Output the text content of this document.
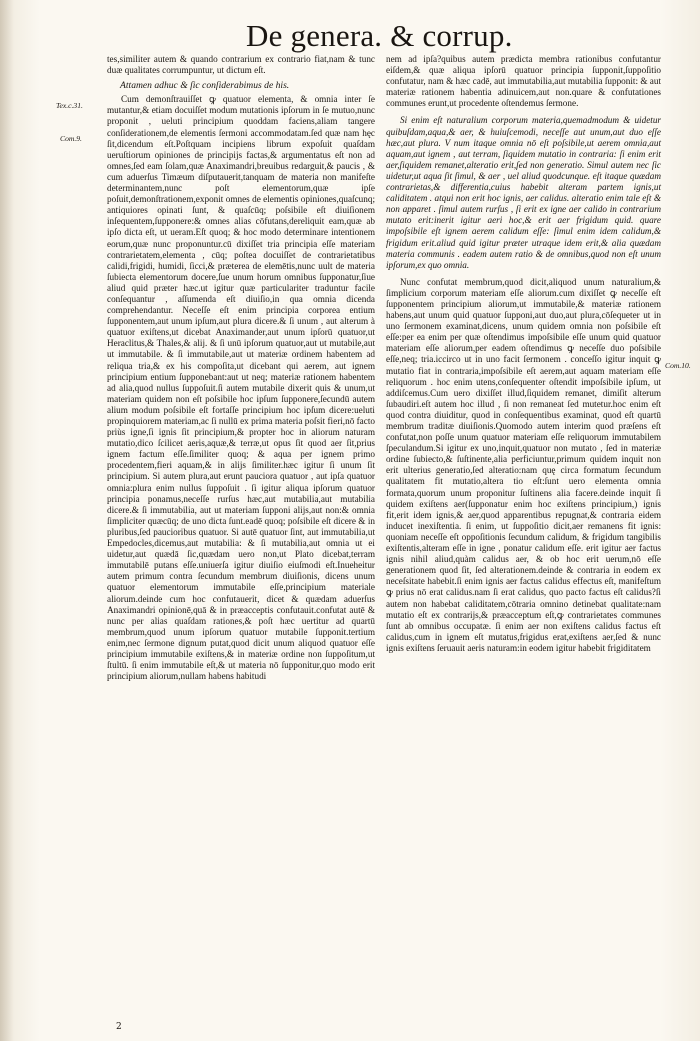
De genera. & corrup.
Tex.c.31.
Com.9.
Com.10.

tes,similiter autem & quando contrarium ex contrario fiat,nam & tunc duæ qualitates corrumpuntur, ut dictum eſt.

Attamen adhuc & ſic conſiderabimus de his.

Cum demonſtrauiſſet ꝙ quatuor elementa, & omnia inter ſe mutantur,& etiam docuiſſet modum mutationis ipſorum in ſe mutuo,nunc proponit , ueluti principium quoddam faciens,aliam tangere conſiderationem,de elementis ſermoni accommodatam.ſed quæ nam hęc ſit,dicendum eſt.Poſtquam incipiens librum expoſuit quaſdam ueruſtiorum opiniones de principijs factas,& argumentatus eſt non ad omnes,ſed eam ſolam,quæ Anaximandri,breuibus redarguit,& paucis , & cum aduerſus Timæum diſputauerit,tanquam de materia non manifeſte determinantem,nunc poſt elementorum,quæ ipſe poſuit,demonſtrationem,exponit omnes de elementis opiniones,quaſcunq; antiquiores opinati ſunt, & quaſcūq; poſsibile eſt diuiſionem inſequentem,ſupponere:& omnes alias cōfutans,dereliquit eam,quæ ab ipſo dicta eſt, ut ueram.Eſt quoq; & hoc modo determinare intentionem eorum,quæ nunc proponuntur.cū dixiſſet tria principia eſſe materiam contrarietatem,elementa , cūq; poſtea docuiſſet de contrarietatibus calidi,frigidi, humidi, ſicci,& præterea de elemētis,nunc uult de materia ſubiecta elementorum docere,ſue unum horum omnibus ſupponatur,ſiue aliud quid præter hæc.ut igitur quæ particulariter traduntur facile conſequantur , aſſumenda eſt diuiſio,in qua omnia dicenda comprehendantur. Neceſſe eſt enim principia corporea entium ſupponentem,aut unum ipſum,aut plura dicere.& ſi unum , aut alterum à quatuor exiſtens,ut dicebat Anaximander,aut unum ipſorū quatuor,ut Heraclitus,& Thales,& alij. & ſi unū ipſorum quatuor,aut ut mutabile,aut ut immutabile. & ſi immutabile,aut ut materiæ ordinem habentem ad reliqua tria,& ex his compoſita,ut dicebant qui aerem, aut ignem principium entium ſupponebant:aut ut neq; materiæ rationem habentem ad alia,quod nullus ſuppoſuit.ſi autem mutabile dixerit quis & unum,ut materiam quidem non eſt poſsibile hoc ipſum ſupponere,ſecundū autem alium modum poſsibile eſt fortaſſe principium hoc ipſum dicere:ueluti propinquiorem materiam,ac ſi nullū ex prima materia poſsit fieri,nō facto priùs igne,ſi ignis ſit principium,& propter hoc in aliorum naturam mutatio,dico ſcilicet aeris,aquæ,& terræ,ut opus ſit quod aer ſit,prius ignem factum eſſe.ſimiliter quoq; & aqua per ignem primo procedentem,fieri aquam,& in alijs ſimiliter.hæc igitur ſi unum ſit principium. Si autem plura,aut erunt pauciora quatuor , aut ipſa quatuor omnia:plura enim nullus ſuppoſuit . ſi igitur aliqua ipſorum quatuor principia ponamus,neceſſe rurſus hæc,aut mutabilia,aut mutabilia dicere.& ſi immutabilia, aut ut materiam ſupponi alijs,aut non:& omnia ſimpliciter quæcūq; de uno dicta ſunt.eadē quoq; poſsibile eſt dicere & in pluribus,ſed paucioribus quatuor. Si autē quatuor ſint, aut immutabilia,ut Empedocles,dicemus,aut mutabilia: & ſi mutabilia,aut omnia ut ei uidetur,aut quædā ſic,quædam uero non,ut Plato dicebat,terram immutabilē putans eſſe.uniuerſa igitur diuiſio eiuſmodi eſt.Inueheitur autem primum contra ſecundum membrum diuiſionis, dicens unum quatuor elementorum immutabile eſſe,principium materiale aliorum.deinde cum hoc confutauerit, dicet & quædam aduerſus Anaximandri opinionē,quā & in præacceptis confutauit.confutat autē & nunc per alias quaſdam rationes,& poſt hæc uertitur ad quartū membrum,quod unum ipſorum quatuor mutabile ſupponit.tertium enim,nec ſermone dignum putat,quod dicit unum aliquod quatuor eſſe principium immutabile exiſtens,& in materiæ ordine non ſuppoſitum,ut ſtultū. ſi enim immutabile eſt,& ut materia nō ſupponitur,quo modo erit principium aliorum,nullam habens habitudi

nem ad ipſa?quibus autem prædicta membra rationibus confutantur eiſdem,& quæ aliqua ipſorū quatuor principia ſupponit,ſuppoſitio confutatur, nam & hæc cadē, aut immutabilia,aut mutabilia ſupponit: & aut materiæ rationem habentia adinuicem,aut non.quare & confutationes communes erunt,ut procedente oſtendemus ſermone.

Si enim eſt naturalium corporum materia,quemadmodum & uidetur quibuſdam,aqua,& aer, & huiuſcemodi, neceſſe aut unum,aut duo eſſe hæc,aut plura. V num itaque omnia nō eſt poſsibile,ut aerem omnia,aut aquam,aut ignem , aut terram, ſiquidem mutatio in contraria: ſi enim erit aer,ſiquidem remanet,alteratio erit,ſed non generatio. Simul autem nec ſic uidetur,ut aqua ſit ſimul, & aer , uel aliud quodcunque. eſt itaque quædam contrarietas,& differentia,cuius habebit alteram partem ignis,ut caliditatem . atqui non erit hoc ignis, aer calidus. alteratio enim tale eſt & non apparet . ſimul autem rurſus , ſi erit ex igne aer calido in contrarium mutato erit:inerit igitur aeri hoc,& erit aer frigidum quid. quare impoſsibile eſt ignem aerem calidum eſſe: ſimul enim idem calidum,& frigidum erit.aliud quid igitur præter utraque idem erit,& alia quædam materia communis . eadem autem ratio & de omnibus,quod non eſt unum ipſorum,ex quo omnia.

Nunc confutat membrum,quod dicit,aliquod unum naturalium,& ſimplicium corporum materiam eſſe aliorum.cum dixiſſet ꝙ neceſſe eſt ſupponentem principium aliorum,ut immutabile,& materiæ rationem habens,aut unum quid quatuor ſupponi,aut duo,aut plura,cōſequeter ut in uno ſermonem examinat,dicens, unum quidem omnia non poſsibile eſt eſſe:per ea enim per quæ oſtendimus impoſsibile eſſe unum quid quatuor materiam eſſe aliorum,per eadem oſtendimus ꝙ neceſſe duo poſsibile eſſe,neq; tria.iccirco ut in uno facit ſermonem . conceſſo igitur inquit ꝙ mutatio fiat in contraria,impoſsibile eſt aerem,aut aquam materiam eſſe reliquorum . hoc enim utens,conſequenter oſtendit impoſsibile ipſum, ut addiſcemus.Cum uero dixiſſet illud,ſiquidem remanet, dimiſit alterum ſubaudiri.eſt autem hoc illud , ſi non remaneat ſed mutetur.hoc enim eſt quod contra diuiditur, quod in conſequentibus examinat, quod eſt quartū membrum traditæ diuiſionis.Quomodo autem interim quod præſens eſt confutat,non poſſe unum quatuor materiam eſſe reliquorum immutabilem ſpeculandum.Si igitur ex uno,inquit,quatuor non mutato , ſed in materiæ ordine ſubiecto,& ſuſtinente,alia perficiuntur,primum quidem inquit non erit ulterius generatio,ſed alteratio:nam quę circa formatum ſecundum qualitatem fit mutatio,altera tio eſt:ſunt uero elementa omnia formata,quorum unum proponitur ſuſtinens alia facere.deinde inquit ſi quidem exiſtens aer(ſupponatur enim hoc exiſtens principium,) ignis fit,erit idem ignis,& aer,quod apparentibus repugnat,& contraria eidem inducet inexiſtentia. ſi enim, ut ſuppoſitio dicit,aer remanens fit ignis: quoniam neceſſe eſt oppoſitionis ſecundum calidum, & frigidum tangibilis exiſtentis,alteram eſſe in igne , ponatur calidum eſſe. erit igitur aer factus ignis nihil aliud,quàm calidus aer, & ob hoc erit uerum,nō eſſe generationem quod ſit, ſed alterationem.deinde & contraria in eodem ex neceſsitate habebit.ſi enim ignis aer factus calidus effectus eſt, manifeſtum ꝙ prius nō erat calidus.nam ſi erat calidus, quo pacto factus eſt calidus?ſi autem non habebat caliditatem,cōtraria omnino detinebat qualitate:nam mutatio eſt ex contrarijs,& præacceptum eſt,ꝙ contrarietates communes ſunt ab omnibus occupatæ. ſi enim aer non exiſtens calidus factus eſt calidus,cum in ignem eſt mutatus,frigidus erat,exiſtens aer,ſed & nunc ignis exiſtens ſeruauit aeris naturam:in eodem igitur habebit frigiditatem

2
